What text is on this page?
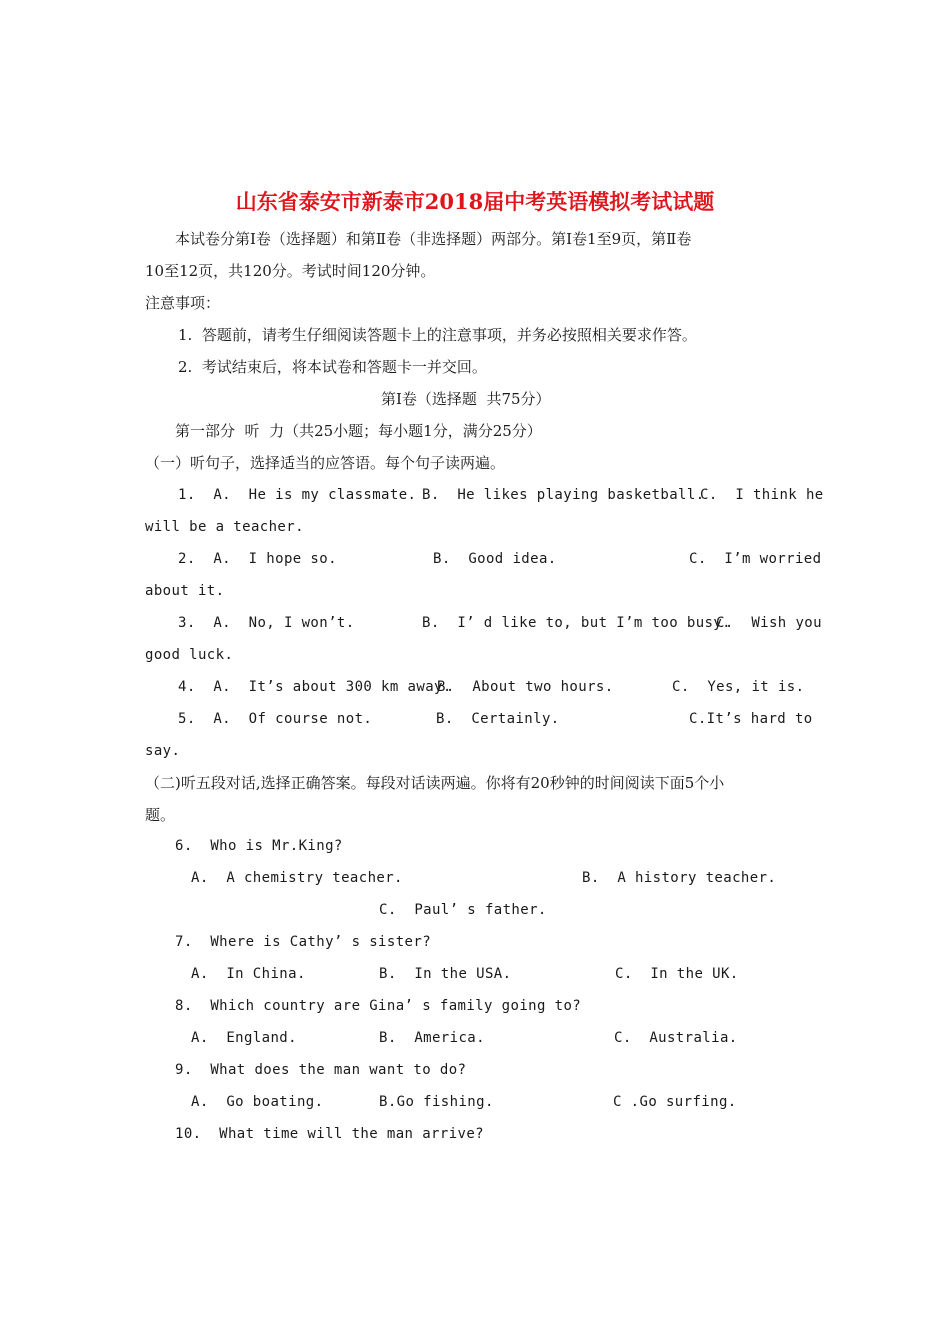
山东省泰安市新泰市2018届中考英语模拟考试试题
本试卷分第Ⅰ卷（选择题）和第Ⅱ卷（非选择题）两部分。第Ⅰ卷1至9页，第Ⅱ卷
10至12页，共120分。考试时间120分钟。
注意事项：
1.  答题前，请考生仔细阅读答题卡上的注意事项，并务必按照相关要求作答。
2.  考试结束后，将本试卷和答题卡一并交回。
第Ⅰ卷（选择题  共75分）
第一部分  听  力（共25小题；每小题1分，满分25分）
（一）听句子，选择适当的应答语。每个句子读两遍。
1.  A.  He is my classmate. B.  He likes playing basketball.
C.  I think he
will be a teacher.
2.  A.  I hope so.	B.  Good idea.	C.  I’m worried
about it.
3.  A.  No, I won’t.	B.  I’ d like to, but I’m too busy.
C.  Wish you
good luck.
4.  A.  It’s about 300 km away.
B.  About two hours.	C.  Yes, it is.
5.  A.  Of course not.	B.  Certainly.	C.It’s hard to
say.
（二)听五段对话,选择正确答案。每段对话读两遍。你将有20秒钟的时间阅读下面5个小
题。
6.  Who is Mr.King?
A.  A chemistry teacher.	B.  A history teacher.
C.  Paul’ s father.
7.  Where is Cathy’ s sister?
A.  In China.	B.  In the USA.	C.  In the UK.
8.  Which country are Gina’ s family going to?
A.  England.	B.  America.	C.  Australia.
9.  What does the man want to do?
A.  Go boating.	B.Go fishing.	C .Go surfing.
10.  What time will the man arrive?
